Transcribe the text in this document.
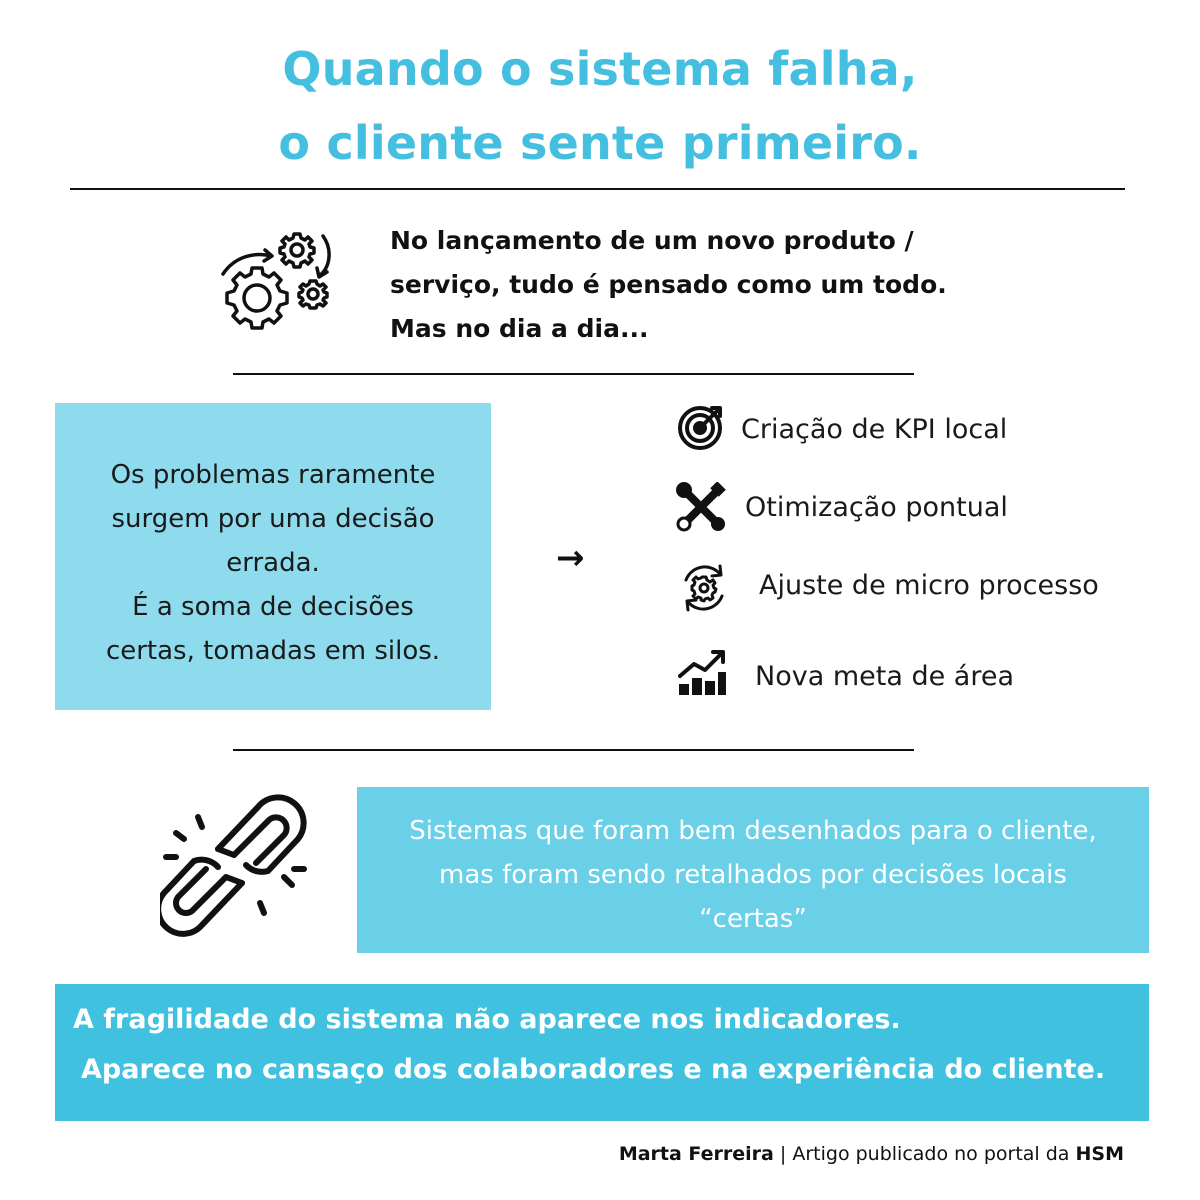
Quando o sistema falha,
o cliente sente primeiro.
No lançamento de um novo produto /
serviço, tudo é pensado como um todo.
Mas no dia a dia...
Os problemas raramente
surgem por uma decisão
errada.
É a soma de decisões
certas, tomadas em silos.
→
Criação de KPI local
Otimização pontual
Ajuste de micro processo
Nova meta de área
Sistemas que foram bem desenhados para o cliente,
mas foram sendo retalhados por decisões locais
“certas”
A fragilidade do sistema não aparece nos indicadores.
Aparece no cansaço dos colaboradores e na experiência do cliente.
Marta Ferreira | Artigo publicado no portal da HSM
